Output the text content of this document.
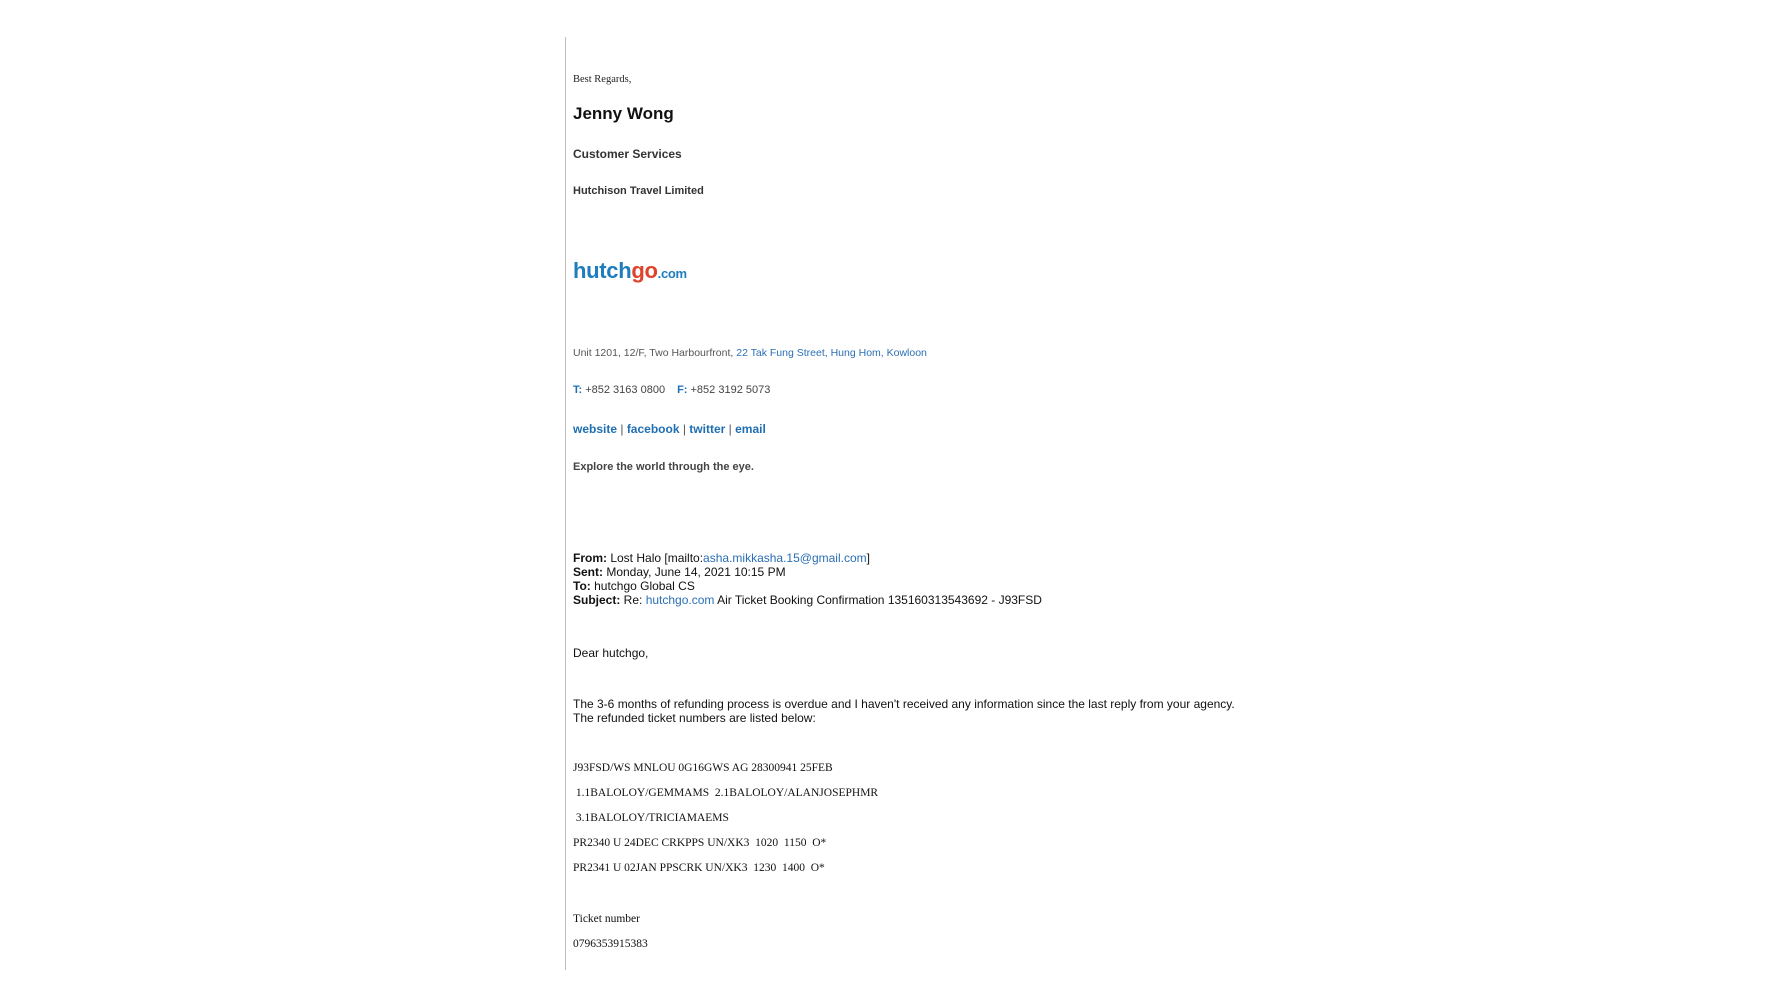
Best Regards,
Jenny Wong
Customer Services
Hutchison Travel Limited
hutchgo.com
Unit 1201, 12/F, Two Harbourfront, 22 Tak Fung Street, Hung Hom, Kowloon
T: +852 3163 0800 F: +852 3192 5073
website | facebook | twitter | email
Explore the world through the eye.
From: Lost Halo [mailto:asha.mikkasha.15@gmail.com]
Sent: Monday, June 14, 2021 10:15 PM
To: hutchgo Global CS
Subject: Re: hutchgo.com Air Ticket Booking Confirmation 135160313543692 - J93FSD
Dear hutchgo,
The 3-6 months of refunding process is overdue and I haven't received any information since the last reply from your agency.
The refunded ticket numbers are listed below:
J93FSD/WS MNLOU 0G16GWS AG 28300941 25FEB
1.1BALOLOY/GEMMAMS  2.1BALOLOY/ALANJOSEPHMR
3.1BALOLOY/TRICIAMAEMS
PR2340 U 24DEC CRKPPS UN/XK3  1020  1150  O*
PR2341 U 02JAN PPSCRK UN/XK3  1230  1400  O*
Ticket number
0796353915383
